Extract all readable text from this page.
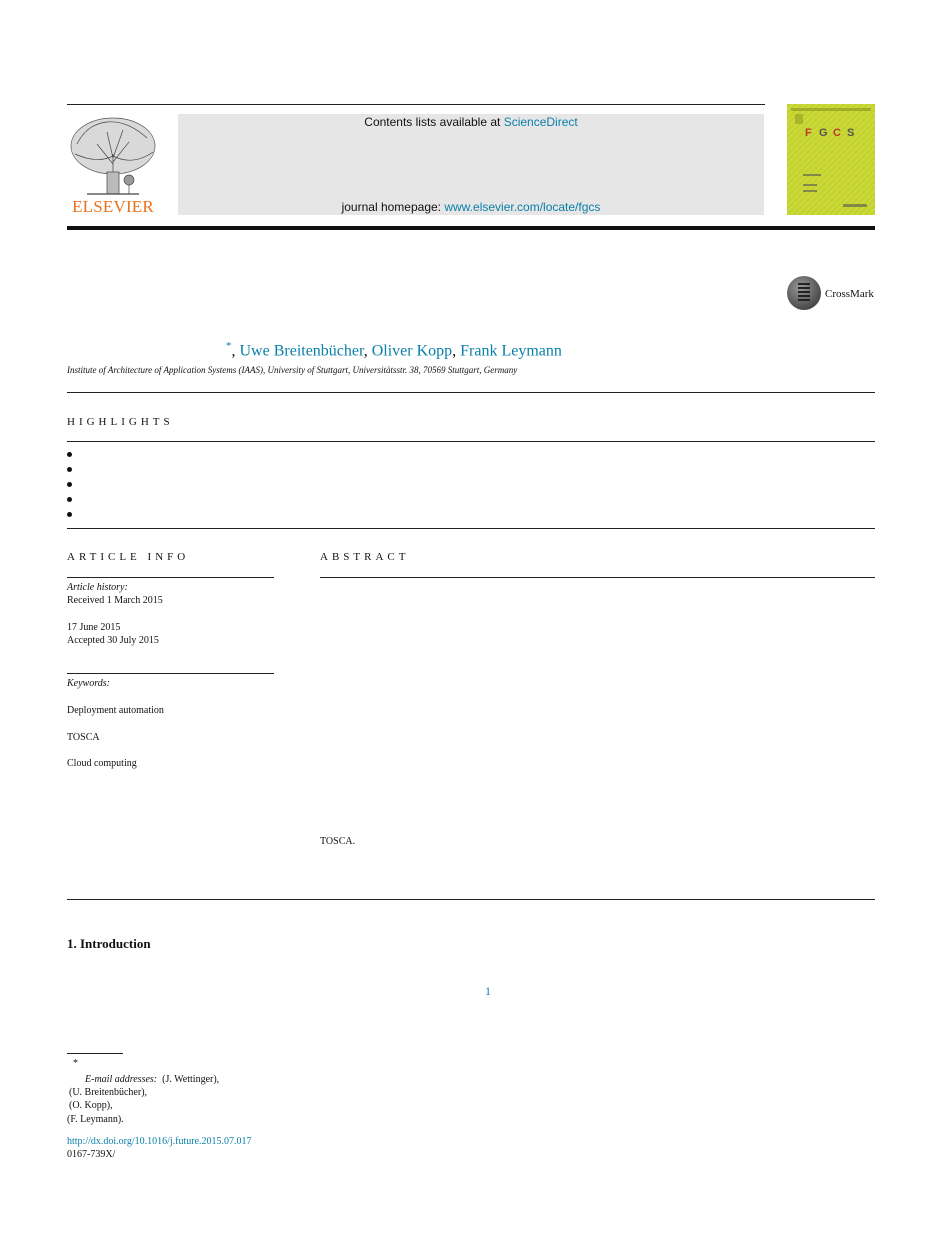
ELSEVIER
Contents lists available at ScienceDirect
journal homepage: www.elsevier.com/locate/fgcs
F G C S
CrossMark
*, Uwe Breitenbücher, Oliver Kopp, Frank Leymann
Institute of Architecture of Application Systems (IAAS), University of Stuttgart, Universitätsstr. 38, 70569 Stuttgart, Germany
HIGHLIGHTS
ARTICLE INFO
Article history:
Received 1 March 2015
17 June 2015
Accepted 30 July 2015
Keywords:
Deployment automation
TOSCA
Cloud computing
ABSTRACT
TOSCA.
1. Introduction
1
*
E-mail addresses:  (J. Wettinger),
(U. Breitenbücher),
(O. Kopp),
(F. Leymann).
http://dx.doi.org/10.1016/j.future.2015.07.017
0167-739X/
